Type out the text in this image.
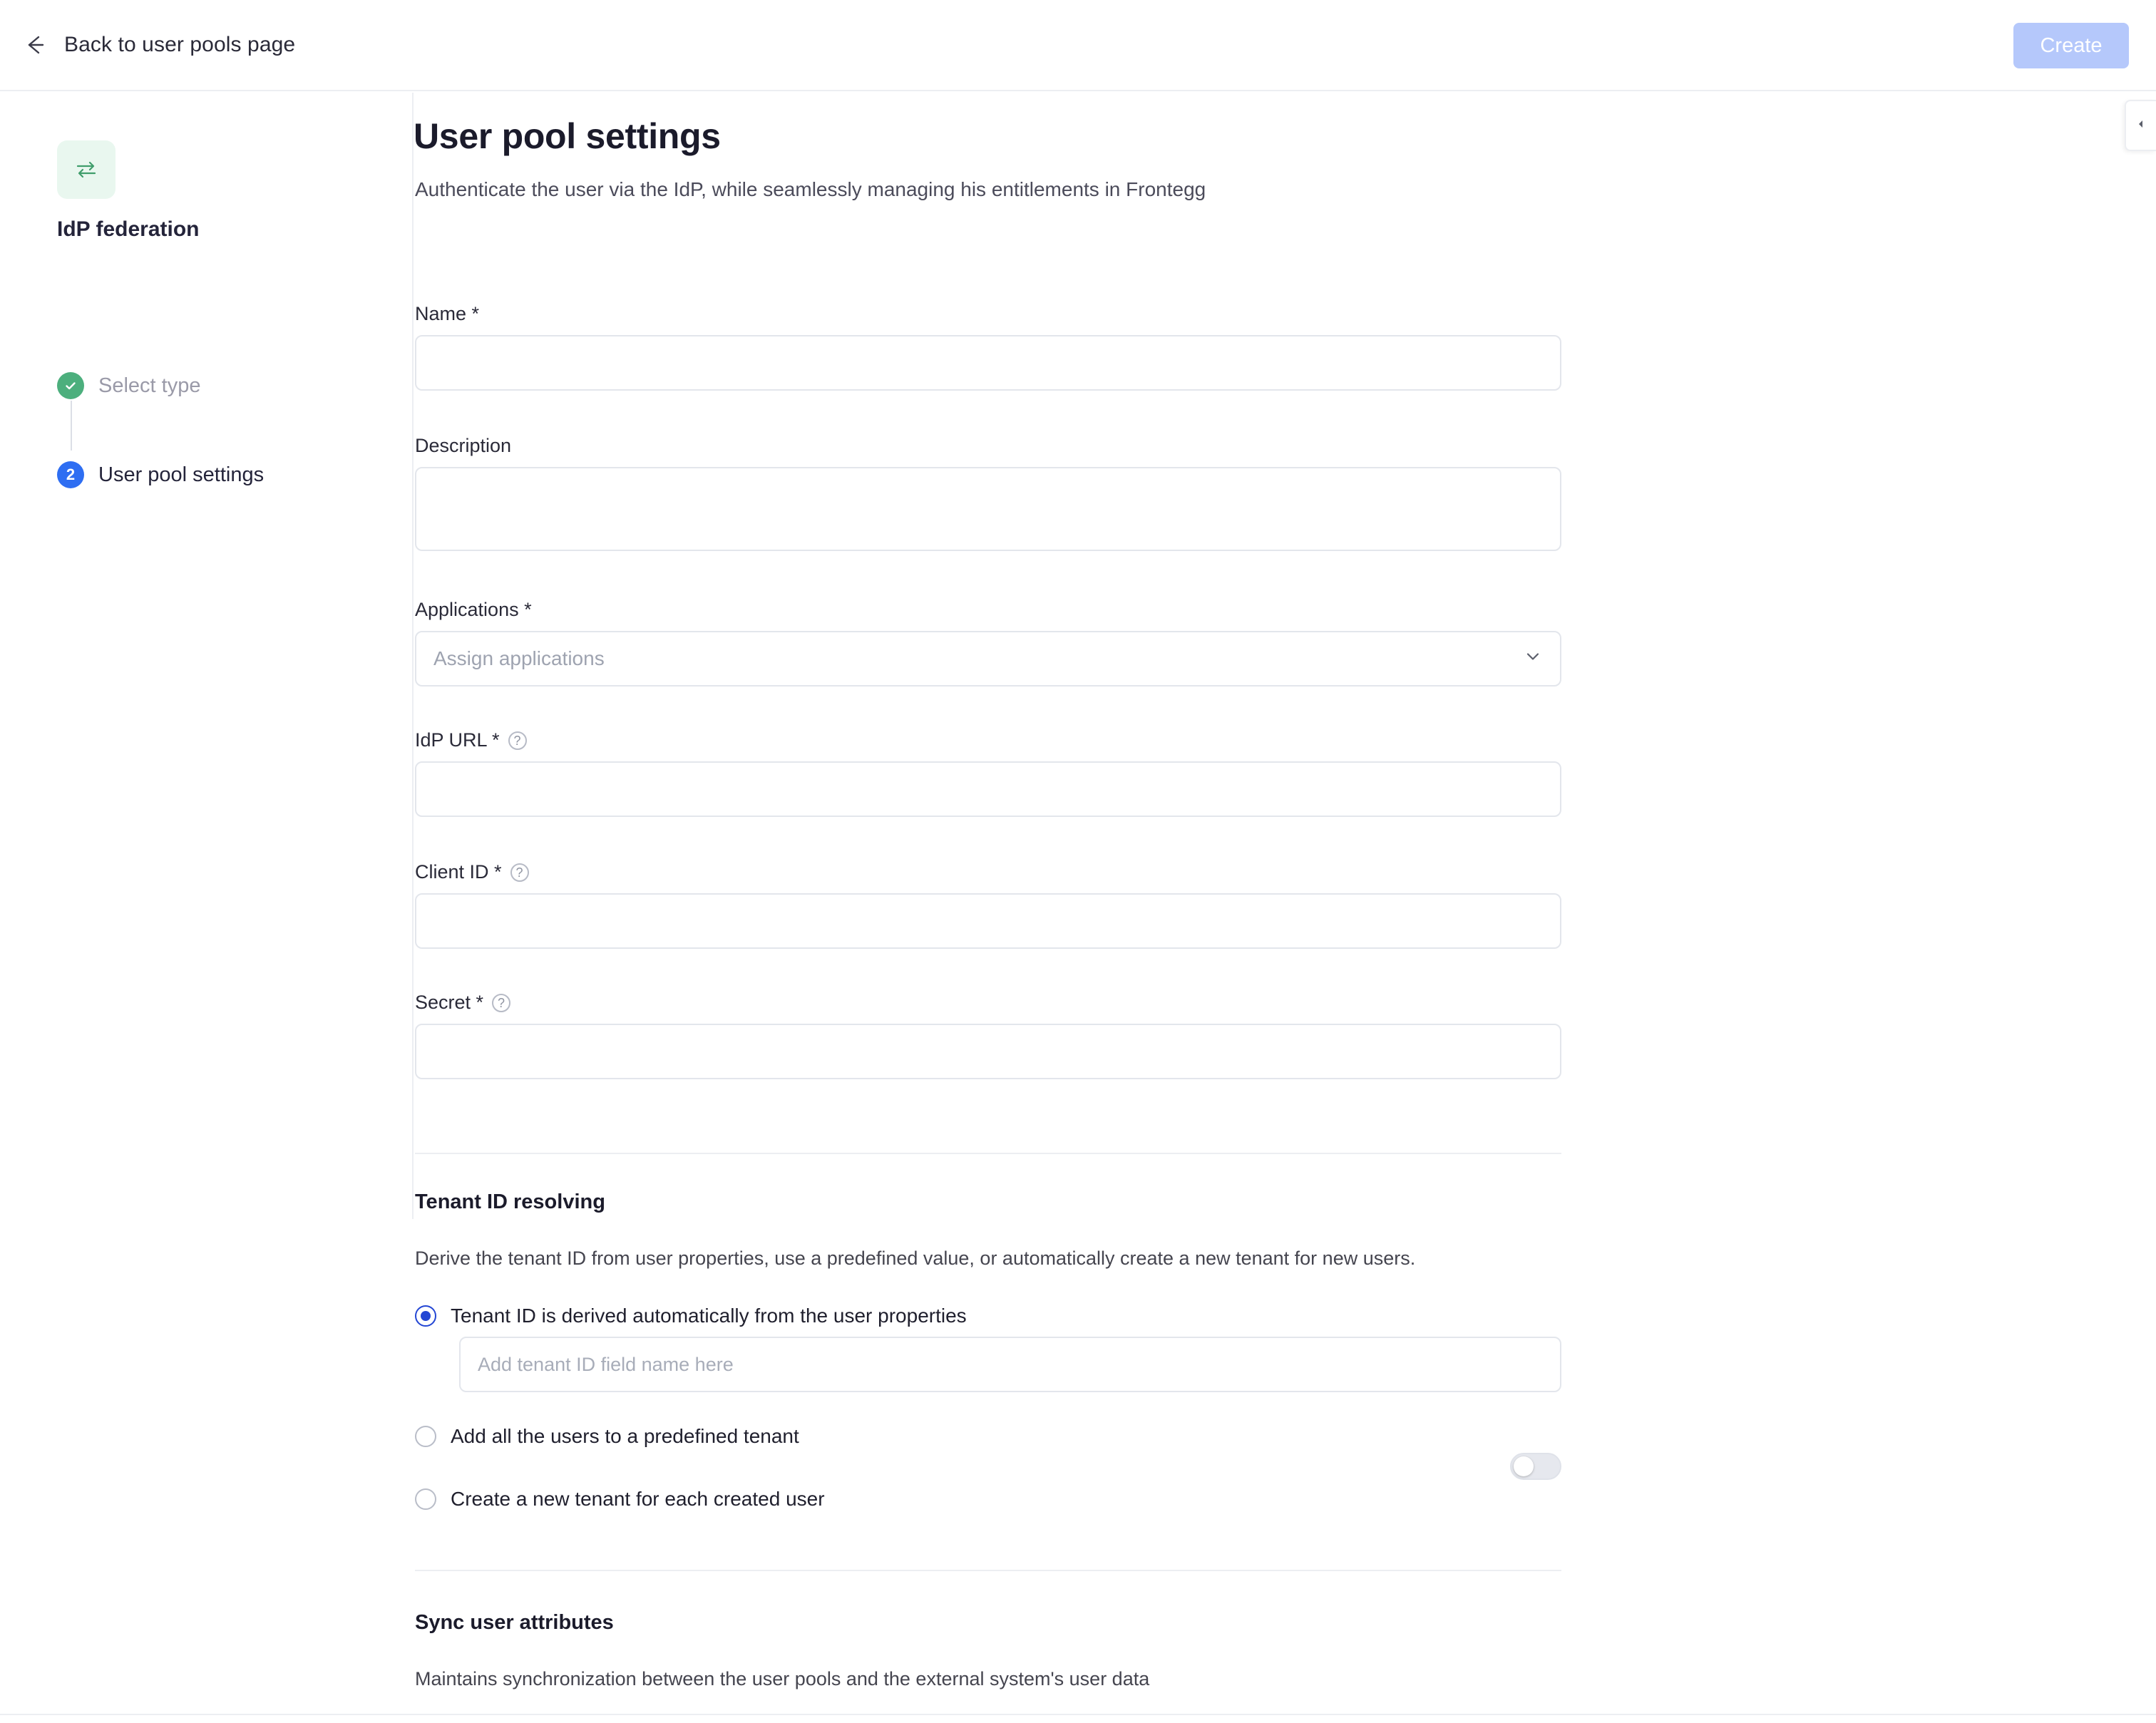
Back to user pools page	Create
IdP federation
Select type
2	User pool settings
User pool settings
Authenticate the user via the IdP, while seamlessly managing his entitlements in Frontegg
Name *
Description
Applications *
Assign applications
IdP URL *	?
Client ID *	?
Secret *	?
Tenant ID resolving
Derive the tenant ID from user properties, use a predefined value, or automatically create a new tenant for new users.
Tenant ID is derived automatically from the user properties
Add tenant ID field name here
Add all the users to a predefined tenant
Create a new tenant for each created user
Sync user attributes
Maintains synchronization between the user pools and the external system's user data
